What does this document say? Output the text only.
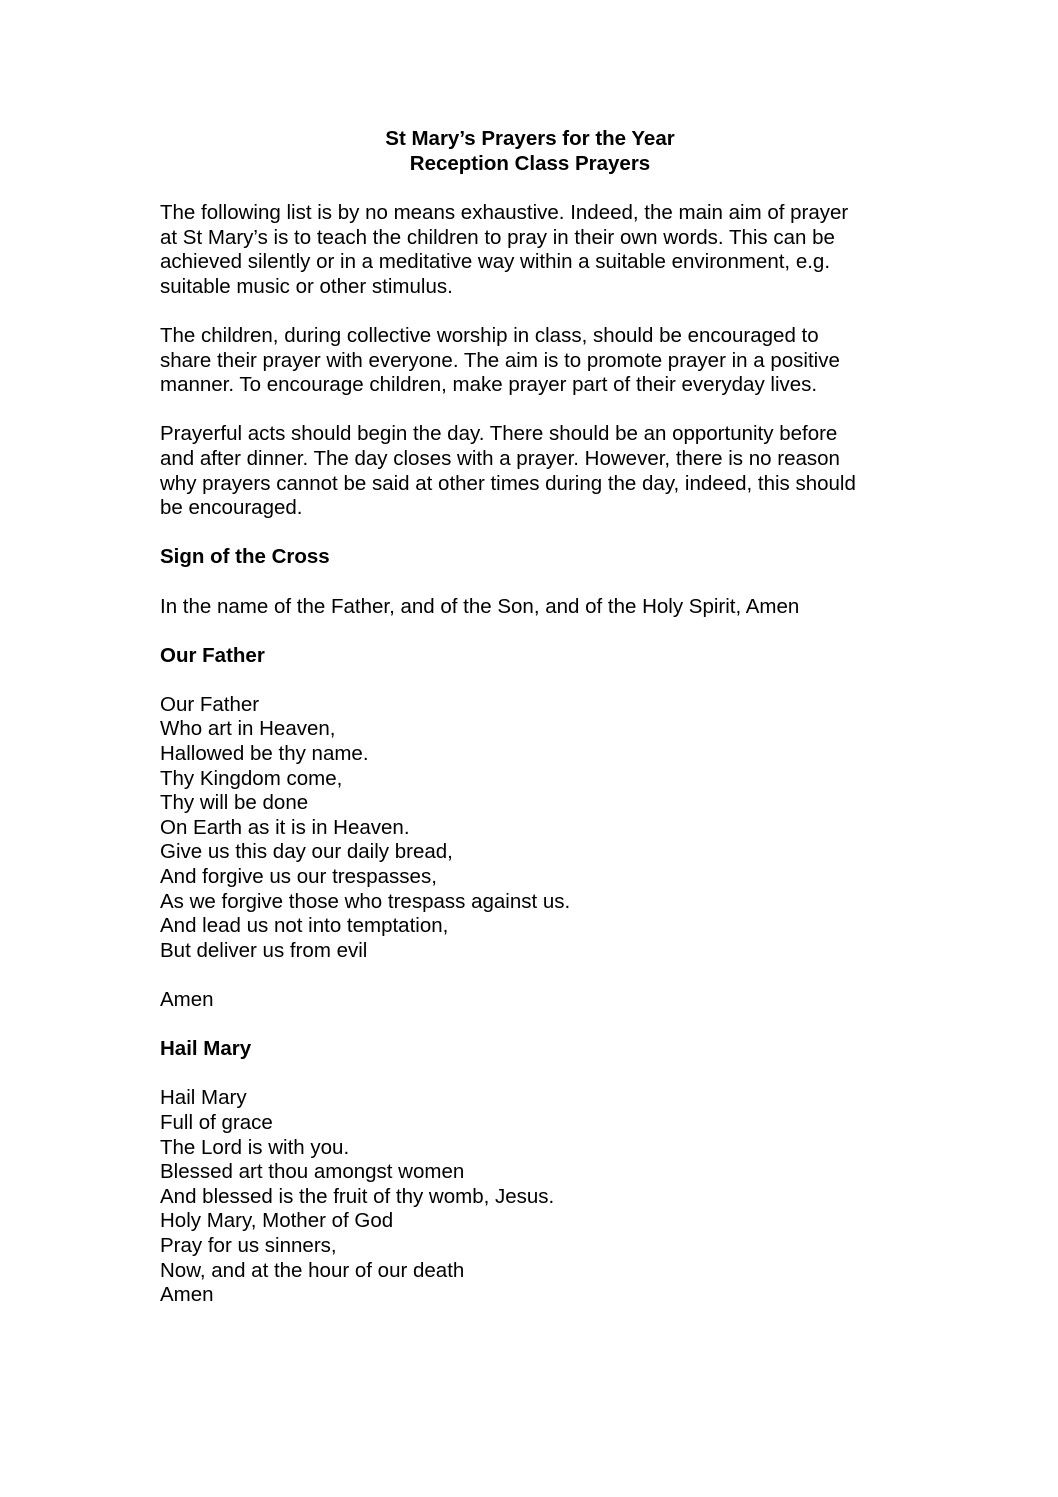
St Mary’s Prayers for the Year
Reception Class Prayers

The following list is by no means exhaustive. Indeed, the main aim of prayer
at St Mary’s is to teach the children to pray in their own words. This can be
achieved silently or in a meditative way within a suitable environment, e.g.
suitable music or other stimulus.

The children, during collective worship in class, should be encouraged to
share their prayer with everyone. The aim is to promote prayer in a positive
manner. To encourage children, make prayer part of their everyday lives.

Prayerful acts should begin the day. There should be an opportunity before
and after dinner. The day closes with a prayer. However, there is no reason
why prayers cannot be said at other times during the day, indeed, this should
be encouraged.

Sign of the Cross

In the name of the Father, and of the Son, and of the Holy Spirit, Amen

Our Father

Our Father
Who art in Heaven,
Hallowed be thy name.
Thy Kingdom come,
Thy will be done
On Earth as it is in Heaven.
Give us this day our daily bread,
And forgive us our trespasses,
As we forgive those who trespass against us.
And lead us not into temptation,
But deliver us from evil

Amen

Hail Mary

Hail Mary
Full of grace
The Lord is with you.
Blessed art thou amongst women
And blessed is the fruit of thy womb, Jesus.
Holy Mary, Mother of God
Pray for us sinners,
Now, and at the hour of our death
Amen
